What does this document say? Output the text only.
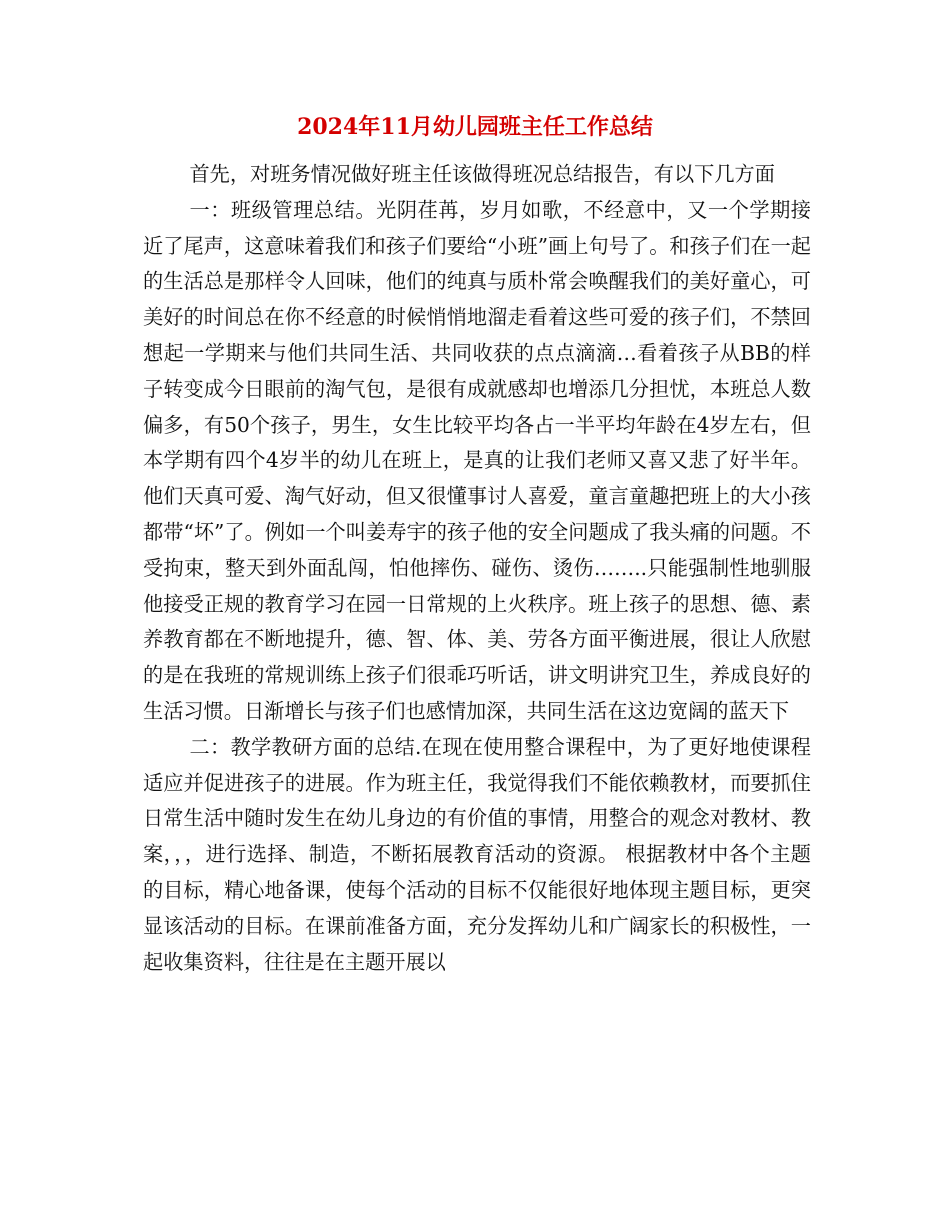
2024年11月幼儿园班主任工作总结

首先，对班务情况做好班主任该做得班况总结报告，有以下几方面

一：班级管理总结。光阴荏苒，岁月如歌，不经意中，又一个学期接近了尾声，这意味着我们和孩子们要给“小班”画上句号了。和孩子们在一起的生活总是那样令人回味，他们的纯真与质朴常会唤醒我们的美好童心，可美好的时间总在你不经意的时候悄悄地溜走看着这些可爱的孩子们，不禁回想起一学期来与他们共同生活、共同收获的点点滴滴…看着孩子从BB的样子转变成今日眼前的淘气包，是很有成就感却也增添几分担忧，本班总人数偏多，有50个孩子，男生，女生比较平均各占一半平均年龄在4岁左右，但本学期有四个4岁半的幼儿在班上，是真的让我们老师又喜又悲了好半年。他们天真可爱、淘气好动，但又很懂事讨人喜爱，童言童趣把班上的大小孩都带“坏”了。例如一个叫姜寿宇的孩子他的安全问题成了我头痛的问题。不受拘束，整天到外面乱闯，怕他摔伤、碰伤、烫伤……..只能强制性地驯服他接受正规的教育学习在园一日常规的上火秩序。班上孩子的思想、德、素养教育都在不断地提升，德、智、体、美、劳各方面平衡进展，很让人欣慰的是在我班的常规训练上孩子们很乖巧听话，讲文明讲究卫生，养成良好的生活习惯。日渐增长与孩子们也感情加深，共同生活在这边宽阔的蓝天下

二：教学教研方面的总结.在现在使用整合课程中，为了更好地使课程适应并促进孩子的进展。作为班主任，我觉得我们不能依赖教材，而要抓住日常生活中随时发生在幼儿身边的有价值的事情，用整合的观念对教材、教案，，，进行选择、制造，不断拓展教育活动的资源。 根据教材中各个主题的目标，精心地备课，使每个活动的目标不仅能很好地体现主题目标，更突显该活动的目标。在课前准备方面，充分发挥幼儿和广阔家长的积极性，一起收集资料，往往是在主题开展以
